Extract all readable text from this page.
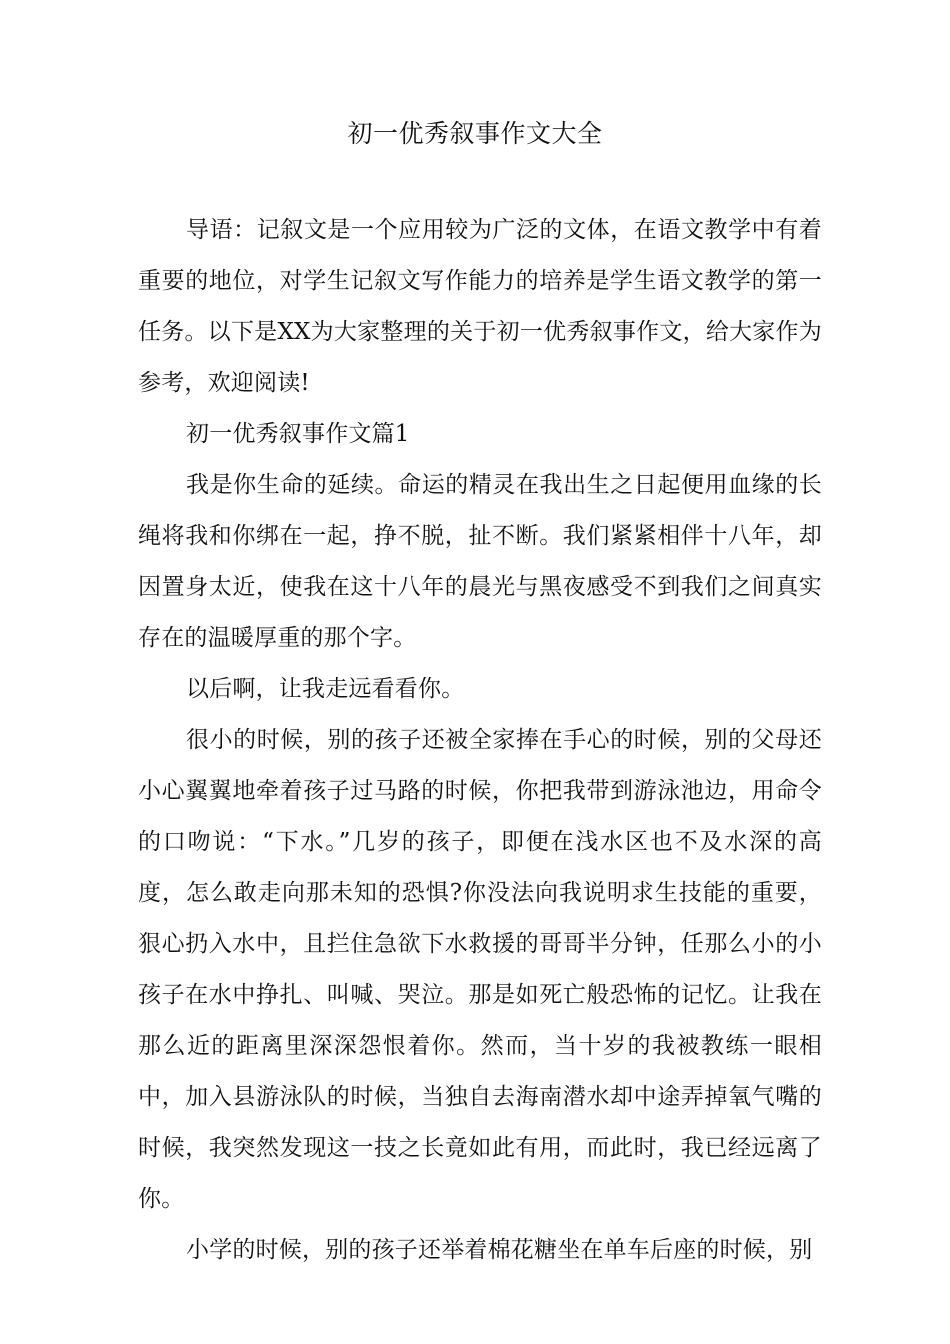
初一优秀叙事作文大全

导语：记叙文是一个应用较为广泛的文体，在语文教学中有着重要的地位，对学生记叙文写作能力的培养是学生语文教学的第一任务。以下是XX为大家整理的关于初一优秀叙事作文，给大家作为参考，欢迎阅读!

初一优秀叙事作文篇1

我是你生命的延续。命运的精灵在我出生之日起便用血缘的长绳将我和你绑在一起，挣不脱，扯不断。我们紧紧相伴十八年，却因置身太近，使我在这十八年的晨光与黑夜感受不到我们之间真实存在的温暖厚重的那个字。

以后啊，让我走远看看你。

很小的时候，别的孩子还被全家捧在手心的时候，别的父母还小心翼翼地牵着孩子过马路的时候，你把我带到游泳池边，用命令的口吻说：“下水。”几岁的孩子，即便在浅水区也不及水深的高度，怎么敢走向那未知的恐惧?你没法向我说明求生技能的重要，狠心扔入水中，且拦住急欲下水救援的哥哥半分钟，任那么小的小孩子在水中挣扎、叫喊、哭泣。那是如死亡般恐怖的记忆。让我在那么近的距离里深深怨恨着你。然而，当十岁的我被教练一眼相中，加入县游泳队的时候，当独自去海南潜水却中途弄掉氧气嘴的时候，我突然发现这一技之长竟如此有用，而此时，我已经远离了你。

小学的时候，别的孩子还举着棉花糖坐在单车后座的时候，别
